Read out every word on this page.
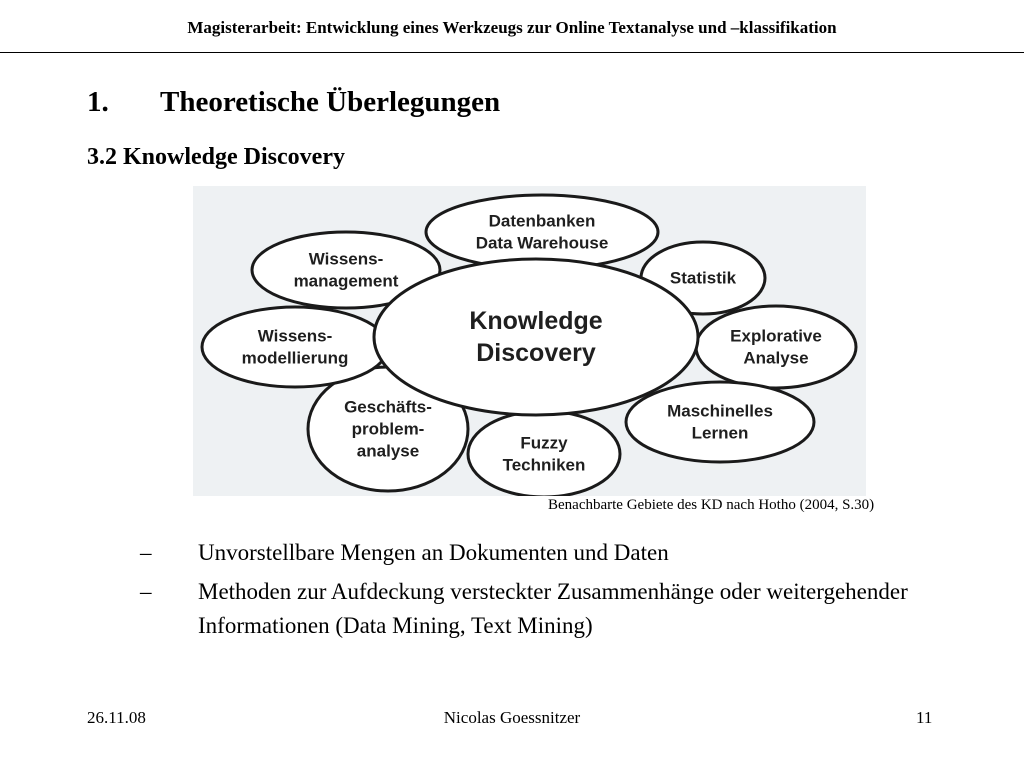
Magisterarbeit: Entwicklung eines Werkzeugs zur Online Textanalyse und –klassifikation
1. Theoretische Überlegungen
3.2 Knowledge Discovery
Datenbanken
Data Warehouse
Statistik
Explorative
Analyse
Maschinelles
Lernen
Fuzzy
Techniken
Geschäfts-
problem-
analyse
Wissens-
modellierung
Wissens-
management
Knowledge
Discovery
Benachbarte Gebiete des KD nach Hotho (2004, S.30)
– Unvorstellbare Mengen an Dokumenten und Daten
– Methoden zur Aufdeckung versteckter Zusammenhänge oder weitergehender Informationen (Data Mining, Text Mining)
26.11.08	Nicolas Goessnitzer	11
